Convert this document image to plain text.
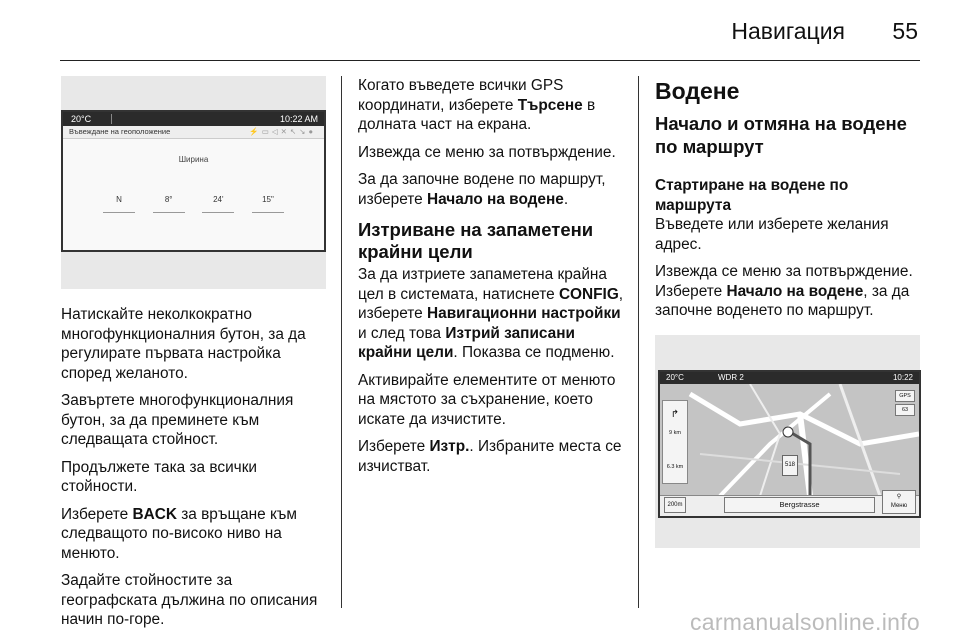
Навигация 55
20°C	10:22 AM
Въвеждане на геоположение	⚡▭◁✕↖↘●
Ширина
N	8°	24'	15"

Натискайте неколкократно многофункционалния бутон, за да регулирате първата настройка според желаното.

Завъртете многофункционалния бутон, за да преминете към следващата стойност.

Продължете така за всички стойности.

Изберете BACK за връщане към следващото по-високо ниво на менюто.

Задайте стойностите за географската дължина по описания начин по-горе.

Когато въведете всички GPS координати, изберете Търсене в долната част на екрана.

Извежда се меню за потвърждение.

За да започне водене по маршрут, изберете Начало на водене.

Изтриване на запаметени крайни цели

За да изтриете запаметена крайна цел в системата, натиснете CONFIG, изберете Навигационни настройки и след това Изтрий записани крайни цели. Показва се подменю.

Активирайте елементите от менюто на мястото за съхранение, което искате да изчистите.

Изберете Изтр.. Избраните места се изчистват.

Водене
Начало и отмяна на водене по маршрут
Стартиране на водене по маршрута

Въведете или изберете желания адрес.

Извежда се меню за потвърждение. Изберете Начало на водене, за да започне воденето по маршрут.

20°C	WDR 2	10:22
GPS
63
518
↱
9 km
6.3 km
200m	Bergstrasse
⚲
Меню
carmanualsonline.info
